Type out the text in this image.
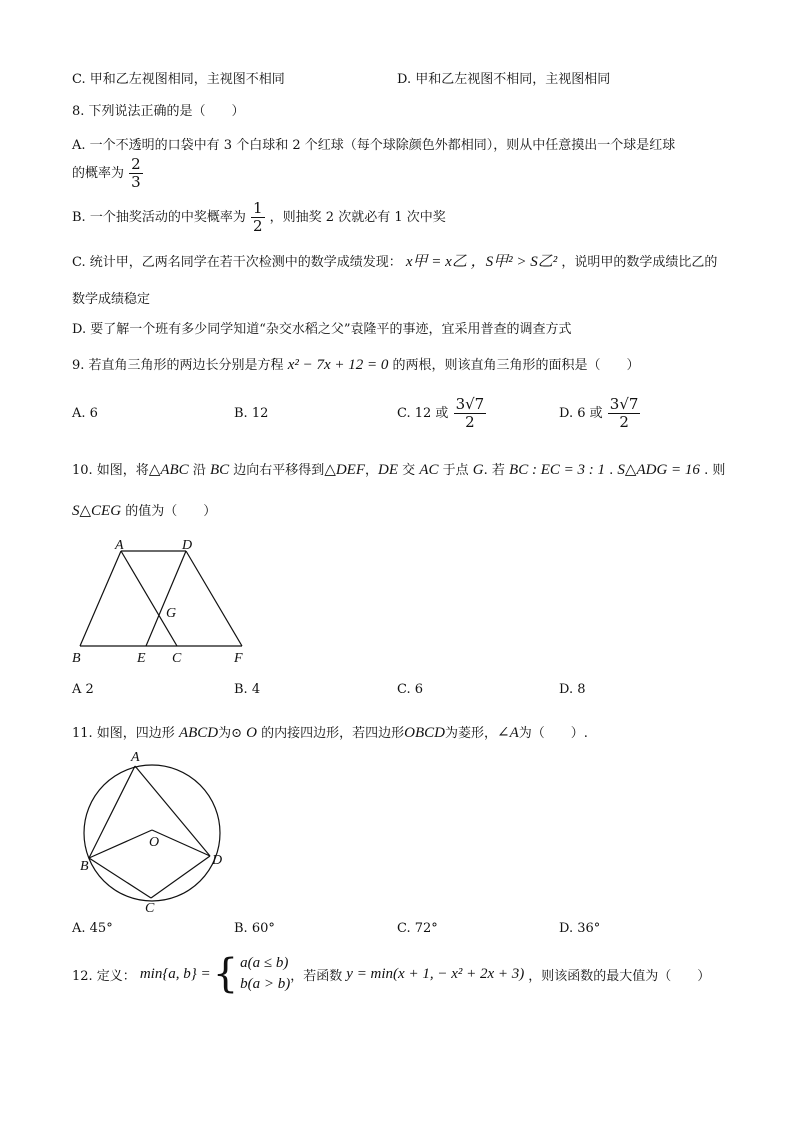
C. 甲和乙左视图相同，主视图不相同	D. 甲和乙左视图不相同，主视图相同
8. 下列说法正确的是（　　）
A. 一个不透明的口袋中有 3 个白球和 2 个红球（每个球除颜色外都相同），则从中任意摸出一个球是红球
的概率为 $\frac{2}{3}$
B. 一个抽奖活动的中奖概率为 $\frac{1}{2}$ ，则抽奖 2 次就必有 1 次中奖
C. 统计甲，乙两名同学在若干次检测中的数学成绩发现： x甲 = x乙 ，S甲² > S乙² ，说明甲的数学成绩比乙的
数学成绩稳定
D. 要了解一个班有多少同学知道“杂交水稻之父”袁隆平的事迹，宜采用普查的调查方式
9. 若直角三角形的两边长分别是方程 x² − 7x + 12 = 0 的两根，则该直角三角形的面积是（　　）
A. 6	B. 12	C. 12 或 $\frac{3√7}{2}$	D. 6 或 $\frac{3√7}{2}$
10. 如图，将△ABC 沿 BC 边向右平移得到△DEF，DE 交 AC 于点 G. 若 BC : EC = 3 : 1 . S△ADG = 16 . 则
S△CEG 的值为（　　）
A	D
G
B	E C	F
A 2	B. 4	C. 6	D. 8
11. 如图，四边形 ABCD为⊙ O 的内接四边形，若四边形OBCD为菱形，∠A为（　　）.
A
O
B	D
C
A. 45°	B. 60°	C. 72°	D. 36°
12. 定义： min{a, b} = { a(a ≤ b)
b(a > b) ，若函数 y = min(x + 1, − x² + 2x + 3) ，则该函数的最大值为（　　）
